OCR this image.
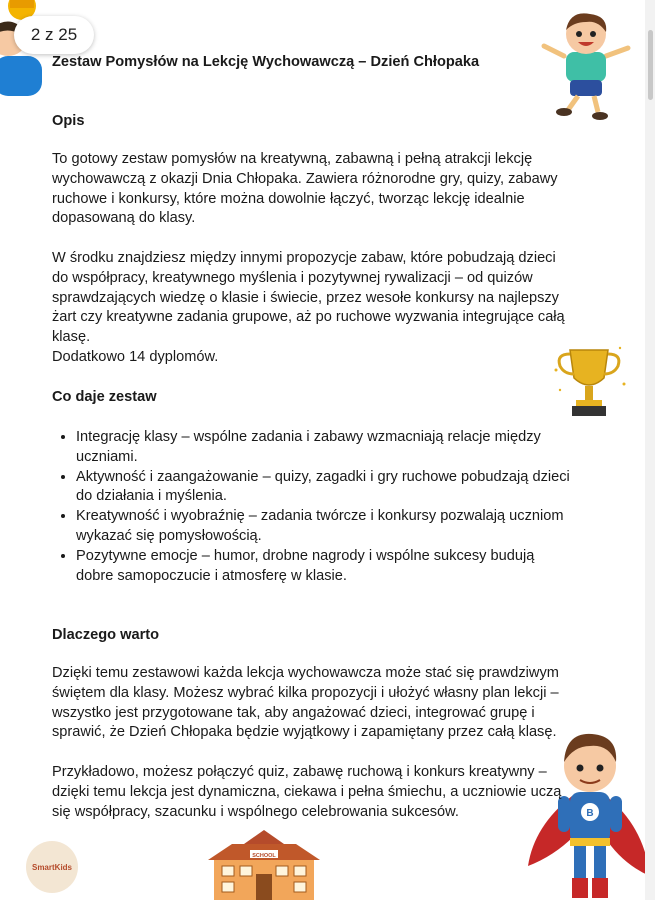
2 z 25
B
SCHOOL
SmartKids
Zestaw Pomysłów na Lekcję Wychowawczą – Dzień Chłopaka
Opis

To gotowy zestaw pomysłów na kreatywną, zabawną i pełną atrakcji lekcję
wychowawczą z okazji Dnia Chłopaka. Zawiera różnorodne gry, quizy, zabawy
ruchowe i konkursy, które można dowolnie łączyć, tworząc lekcję idealnie
dopasowaną do klasy.

W środku znajdziesz między innymi propozycje zabaw, które pobudzają dzieci
do współpracy, kreatywnego myślenia i pozytywnej rywalizacji – od quizów
sprawdzających wiedzę o klasie i świecie, przez wesołe konkursy na najlepszy
żart czy kreatywne zadania grupowe, aż po ruchowe wyzwania integrujące całą
klasę.
Dodatkowo 14 dyplomów.

Co daje zestaw
• Integrację klasy – wspólne zadania i zabawy wzmacniają relacje między
uczniami.
• Aktywność i zaangażowanie – quizy, zagadki i gry ruchowe pobudzają dzieci
do działania i myślenia.
• Kreatywność i wyobraźnię – zadania twórcze i konkursy pozwalają uczniom
wykazać się pomysłowością.
• Pozytywne emocje – humor, drobne nagrody i wspólne sukcesy budują
dobre samopoczucie i atmosferę w klasie.
Dlaczego warto

Dzięki temu zestawowi każda lekcja wychowawcza może stać się prawdziwym
świętem dla klasy. Możesz wybrać kilka propozycji i ułożyć własny plan lekcji –
wszystko jest przygotowane tak, aby angażować dzieci, integrować grupę i
sprawić, że Dzień Chłopaka będzie wyjątkowy i zapamiętany przez całą klasę.

Przykładowo, możesz połączyć quiz, zabawę ruchową i konkurs kreatywny –
dzięki temu lekcja jest dynamiczna, ciekawa i pełna śmiechu, a uczniowie uczą
się współpracy, szacunku i wspólnego celebrowania sukcesów.
